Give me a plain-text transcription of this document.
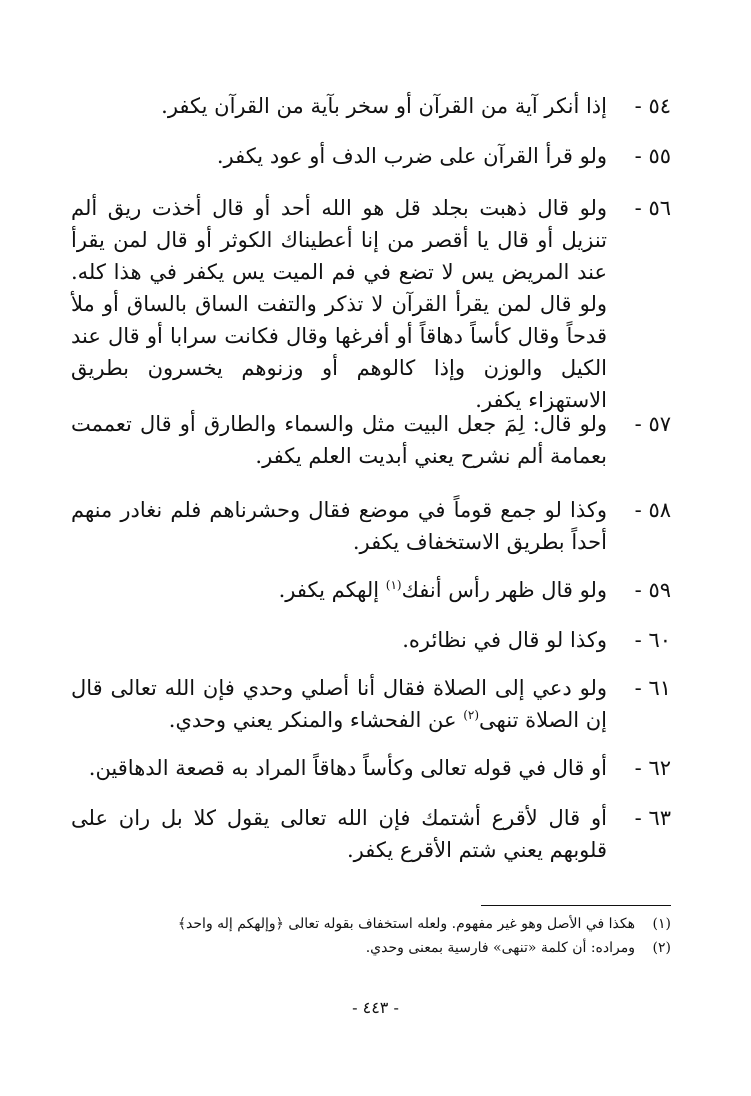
٥٤ -
إذا أنكر آية من القرآن أو سخر بآية من القرآن يكفر.
٥٥ -
ولو قرأ القرآن على ضرب الدف أو عود يكفر.
٥٦ -
ولو قال ذهبت بجلد قل هو الله أحد أو قال أخذت ريق ألم تنزيل أو قال يا أقصر من إنا أعطيناك الكوثر أو قال لمن يقرأ عند المريض يس لا تضع في فم الميت يس يكفر في هذا كله. ولو قال لمن يقرأ القرآن لا تذكر والتفت الساق بالساق أو ملأ قدحاً وقال كأساً دهاقاً أو أفرغها وقال فكانت سرابا أو قال عند الكيل والوزن وإذا كالوهم أو وزنوهم يخسرون بطريق الاستهزاء يكفر.
٥٧ -
ولو قال: لِمَ جعل البيت مثل والسماء والطارق أو قال تعممت بعمامة ألم نشرح يعني أبديت العلم يكفر.
٥٨ -
وكذا لو جمع قوماً في موضع فقال وحشرناهم فلم نغادر منهم أحداً بطريق الاستخفاف يكفر.
٥٩ -
ولو قال ظهر رأس أنفك$^{(١)}$ إلهكم يكفر.
٦٠ -
وكذا لو قال في نظائره.
٦١ -
ولو دعي إلى الصلاة فقال أنا أصلي وحدي فإن الله تعالى قال إن الصلاة تنهى$^{(٢)}$ عن الفحشاء والمنكر يعني وحدي.
٦٢ -
أو قال في قوله تعالى وكأساً دهاقاً المراد به قصعة الدهاقين.
٦٣ -
أو قال لأقرع أشتمك فإن الله تعالى يقول كلا بل ران على قلوبهم يعني شتم الأقرع يكفر.
(١)هكذا في الأصل وهو غير مفهوم. ولعله استخفاف بقوله تعالى ﴿وإلهكم إله واحد﴾
(٢)ومراده: أن كلمة «تنهى» فارسية بمعنى وحدي.
- ٤٤٣ -
